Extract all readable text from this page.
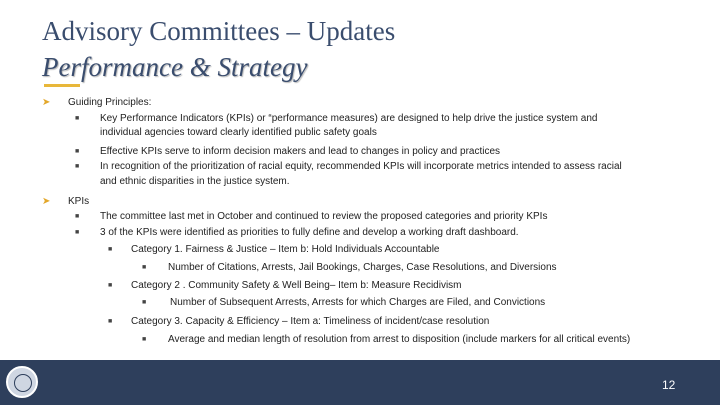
Advisory Committees – Updates
Performance & Strategy
➤ Guiding Principles:
■ Key Performance Indicators (KPIs) or “performance measures) are designed to help drive the justice system and
individual agencies toward clearly identified public safety goals
■ Effective KPIs serve to inform decision makers and lead to changes in policy and practices
■ In recognition of the prioritization of racial equity, recommended KPIs will incorporate metrics intended to assess racial
and ethnic disparities in the justice system.
➤ KPIs
■ The committee last met in October and continued to review the proposed categories and priority KPIs
■ 3 of the KPIs were identified as priorities to fully define and develop a working draft dashboard.
■ Category 1. Fairness & Justice – Item b: Hold Individuals Accountable
■ Number of Citations, Arrests, Jail Bookings, Charges, Case Resolutions, and Diversions
■ Category 2 . Community Safety & Well Being– Item b: Measure Recidivism
■ Number of Subsequent Arrests, Arrests for which Charges are Filed, and Convictions
■ Category 3. Capacity & Efficiency – Item a: Timeliness of incident/case resolution
■ Average and median length of resolution from arrest to disposition (include markers for all critical events)
12
